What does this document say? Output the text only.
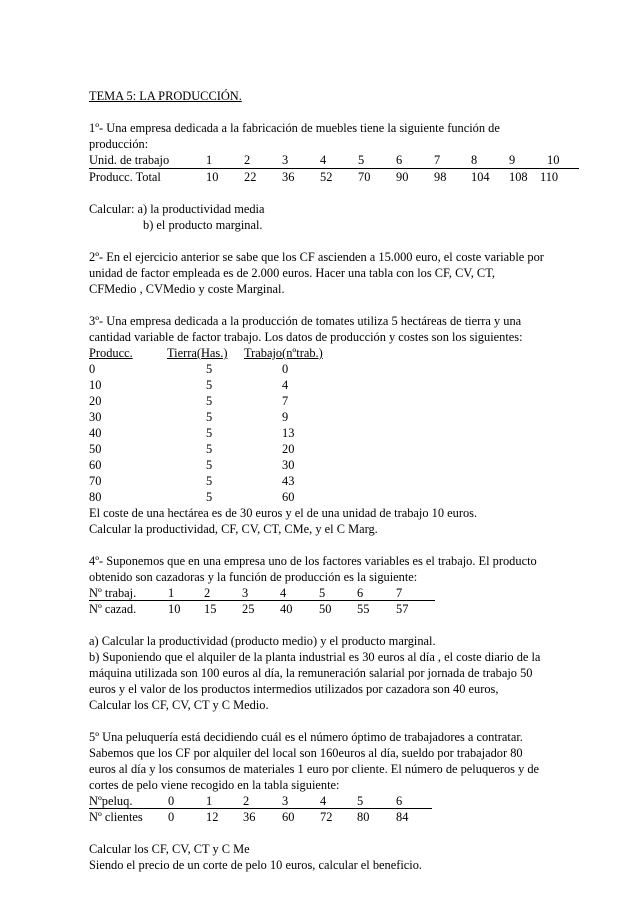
TEMA 5: LA PRODUCCIÓN.
1º- Una empresa dedicada a la fabricación de muebles tiene la siguiente función de
producción:
Unid. de trabajo	1	2	3	4	5	6	7 8	9	10
Producc. Total	10 22 36 52 70 90 98 104 108 110
Calcular: a) la productividad media
b) el producto marginal.
2º- En el ejercicio anterior se sabe que los CF ascienden a 15.000 euro, el coste variable por
unidad de factor empleada es de 2.000 euros. Hacer una tabla con los CF, CV, CT,
CFMedio , CVMedio y coste Marginal.
3º- Una empresa dedicada a la producción de tomates utiliza 5 hectáreas de tierra y una
cantidad variable de factor trabajo. Los datos de producción y costes son los siguientes:
Producc.	Tierra(Has.) Trabajo(nºtrab.)
0	5	0
10	5	4
20	5	7
30	5	9
40	5	13
50	5	20
60	5	30
70	5	43
80	5	60
El coste de una hectárea es de 30 euros y el de una unidad de trabajo 10 euros.
Calcular la productividad, CF, CV, CT, CMe, y el C Marg.
4º- Suponemos que en una empresa uno de los factores variables es el trabajo. El producto
obtenido son cazadoras y la función de producción es la siguiente:
Nº trabaj.	1 2	3	4	5	6	7
Nº cazad.	10 15 25 40 50 55 57
a) Calcular la productividad (producto medio) y el producto marginal.
b) Suponiendo que el alquiler de la planta industrial es 30 euros al día , el coste diario de la
máquina utilizada son 100 euros al día, la remuneración salarial por jornada de trabajo 50
euros y el valor de los productos intermedios utilizados por cazadora son 40 euros,
Calcular los CF, CV, CT y C Medio.
5º Una peluquería está decidiendo cuál es el número óptimo de trabajadores a contratar.
Sabemos que los CF por alquiler del local son 160euros al día, sueldo por trabajador 80
euros al día y los consumos de materiales 1 euro por cliente. El número de peluqueros y de
cortes de pelo viene recogido en la tabla siguiente:
Nºpeluq.	0	1 2	3	4 5	6
Nº clientes 0	12 36 60 72 80 84
Calcular los CF, CV, CT y C Me
Siendo el precio de un corte de pelo 10 euros, calcular el beneficio.
